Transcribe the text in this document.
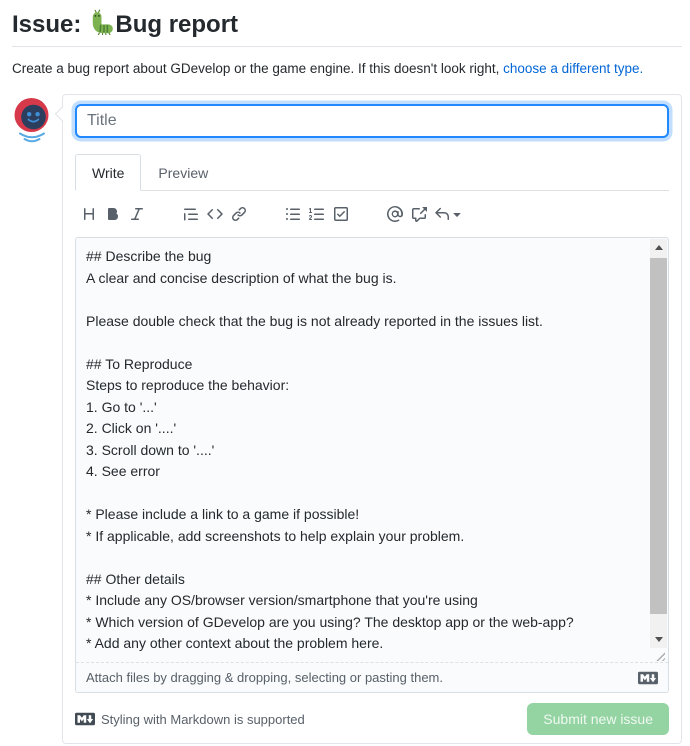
Issue: Bug report

Create a bug report about GDevelop or the game engine. If this doesn't look right, choose a different type.

Title
Write	Preview
## Describe the bug A clear and concise description of what the bug is. Please double check that the bug is not already reported in the issues list. ## To Reproduce Steps to reproduce the behavior: 1. Go to '...' 2. Click on '....' 3. Scroll down to '....' 4. See error * Please include a link to a game if possible! * If applicable, add screenshots to help explain your problem. ## Other details * Include any OS/browser version/smartphone that you're using * Which version of GDevelop are you using? The desktop app or the web-app? * Add any other context about the problem here.
Attach files by dragging & dropping, selecting or pasting them.
Styling with Markdown is supported	Submit new issue
